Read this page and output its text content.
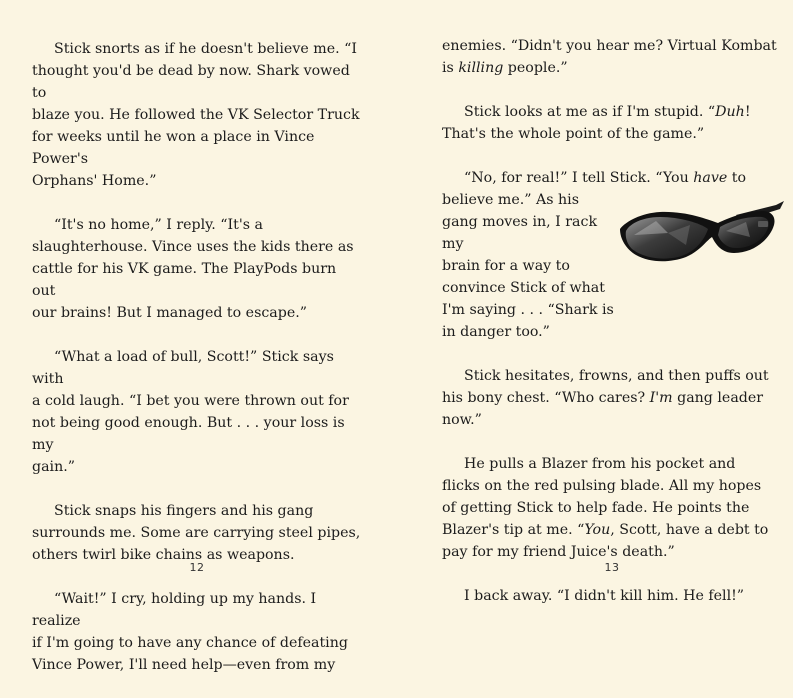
Stick snorts as if he doesn't believe me. “I
thought you'd be dead by now. Shark vowed to
blaze you. He followed the VK Selector Truck
for weeks until he won a place in Vince Power's
Orphans' Home.”

“It's no home,” I reply. “It's a
slaughterhouse. Vince uses the kids there as
cattle for his VK game. The PlayPods burn out
our brains! But I managed to escape.”

“What a load of bull, Scott!” Stick says with
a cold laugh. “I bet you were thrown out for
not being good enough. But . . . your loss is my
gain.”

Stick snaps his fingers and his gang
surrounds me. Some are carrying steel pipes,
others twirl bike chains as weapons.

“Wait!” I cry, holding up my hands. I realize
if I'm going to have any chance of defeating
Vince Power, I'll need help—even from my

12

enemies. “Didn't you hear me? Virtual Kombat
is killing people.”

Stick looks at me as if I'm stupid. “Duh!
That's the whole point of the game.”

“No, for real!” I tell Stick. “You have
to
believe me.” As his gang moves in, I rack my
brain for a way to
convince Stick of what
I'm saying . . . “Shark is
in danger too.”

Stick hesitates, frowns, and then puffs out
his bony chest. “Who cares? I'm gang leader
now.”

He pulls a Blazer from his pocket and
flicks on the red pulsing blade. All my hopes
of getting Stick to help fade. He points the
Blazer's tip at me. “You, Scott, have a debt to
pay for my friend Juice's death.”

I back away. “I didn't kill him. He fell!”

13
